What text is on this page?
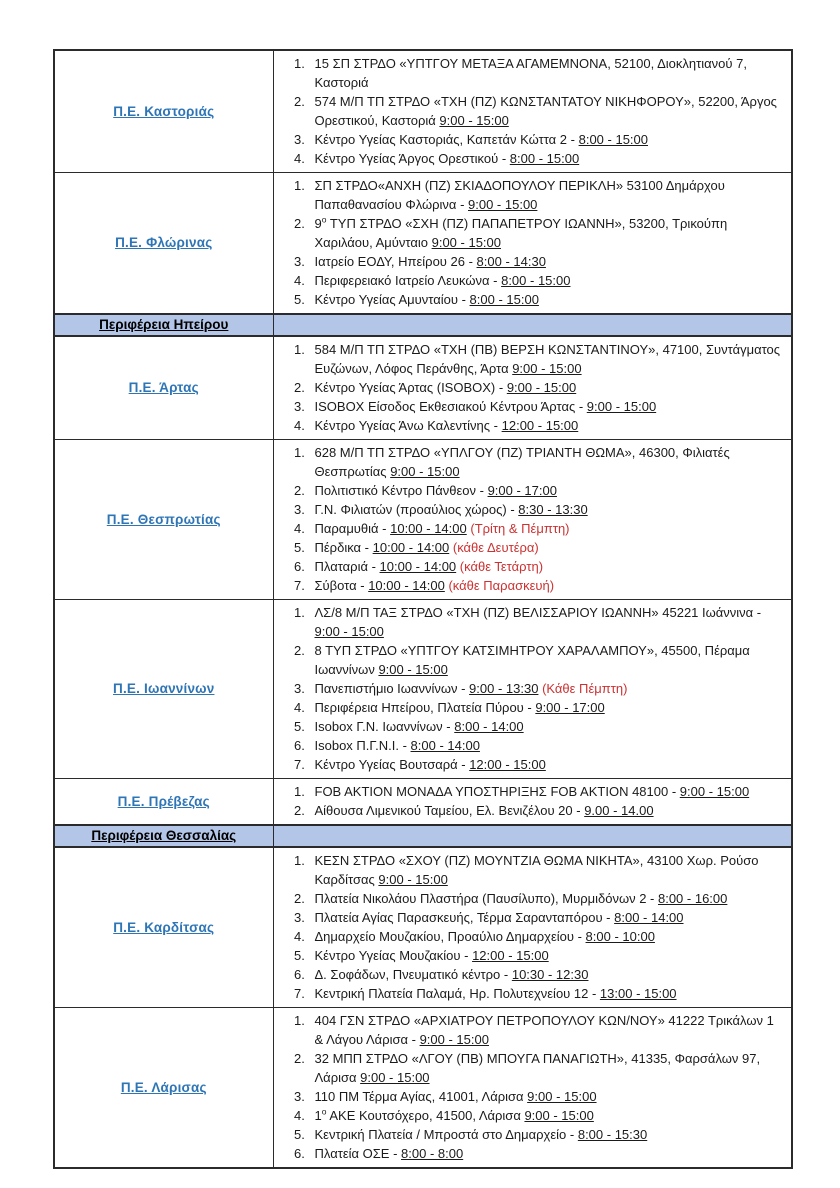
Π.Ε. Καστοριάς	
1. 15 ΣΠ ΣΤΡΔΟ «ΥΠΤΓΟΥ ΜΕΤΑΞΑ ΑΓΑΜΕΜΝΟΝΑ, 52100, Διοκλητιανού 7, Καστοριά
2. 574 Μ/Π ΤΠ ΣΤΡΔΟ «ΤΧΗ (ΠΖ) ΚΩΝΣΤΑΝΤΑΤΟΥ ΝΙΚΗΦΟΡΟΥ», 52200, Άργος Ορεστικού, Καστοριά 9:00 - 15:00
3. Κέντρο Υγείας Καστοριάς, Καπετάν Κώττα 2 - 8:00 - 15:00
4. Κέντρο Υγείας Άργος Ορεστικού - 8:00 - 15:00

Π.Ε. Φλώρινας	
1. ΣΠ ΣΤΡΔΟ«ΑΝΧΗ (ΠΖ) ΣΚΙΑΔΟΠΟΥΛΟΥ ΠΕΡΙΚΛΗ» 53100 Δημάρχου Παπαθανασίου Φλώρινα - 9:00 - 15:00
2. $9^o$ ΤΥΠ ΣΤΡΔΟ «ΣΧΗ (ΠΖ) ΠΑΠΑΠΕΤΡΟΥ ΙΩΑΝΝΗ», 53200, Τρικούπη Χαριλάου, Αμύνταιο 9:00 - 15:00
3. Ιατρείο ΕΟΔΥ, Ηπείρου 26 - 8:00 - 14:30
4. Περιφερειακό Ιατρείο Λευκώνα - 8:00 - 15:00
5. Κέντρο Υγείας Αμυνταίου - 8:00 - 15:00

Περιφέρεια Ηπείρου	
Π.Ε. Άρτας	
1. 584 Μ/Π ΤΠ ΣΤΡΔΟ «ΤΧΗ (ΠΒ) ΒΕΡΣΗ ΚΩΝΣΤΑΝΤΙΝΟΥ», 47100, Συντάγματος Ευζώνων, Λόφος Περάνθης, Άρτα 9:00 - 15:00
2. Κέντρο Υγείας Άρτας (ISOBOX) - 9:00 - 15:00
3. ISOBOX Είσοδος Εκθεσιακού Κέντρου Άρτας - 9:00 - 15:00
4. Κέντρο Υγείας Άνω Καλεντίνης - 12:00 - 15:00

Π.Ε. Θεσπρωτίας	
1. 628 Μ/Π ΤΠ ΣΤΡΔΟ «ΥΠΛΓΟΥ (ΠΖ) ΤΡΙΑΝΤΗ ΘΩΜΑ», 46300, Φιλιατές Θεσπρωτίας 9:00 - 15:00
2. Πολιτιστικό Κέντρο Πάνθεον - 9:00 - 17:00
3. Γ.Ν. Φιλιατών (προαύλιος χώρος) - 8:30 - 13:30
4. Παραμυθιά - 10:00 - 14:00 (Τρίτη & Πέμπτη)
5. Πέρδικα - 10:00 - 14:00 (κάθε Δευτέρα)
6. Πλαταριά - 10:00 - 14:00 (κάθε Τετάρτη)
7. Σύβοτα - 10:00 - 14:00 (κάθε Παρασκευή)

Π.Ε. Ιωαννίνων	
1. ΛΣ/8 Μ/Π ΤΑΞ ΣΤΡΔΟ «ΤΧΗ (ΠΖ) ΒΕΛΙΣΣΑΡΙΟΥ ΙΩΑΝΝΗ» 45221 Ιωάννινα - 9:00 - 15:00
2. 8 ΤΥΠ ΣΤΡΔΟ «ΥΠΤΓΟΥ ΚΑΤΣΙΜΗΤΡΟΥ ΧΑΡΑΛΑΜΠΟΥ», 45500, Πέραμα Ιωαννίνων 9:00 - 15:00
3. Πανεπιστήμιο Ιωαννίνων - 9:00 - 13:30 (Κάθε Πέμπτη)
4. Περιφέρεια Ηπείρου, Πλατεία Πύρου - 9:00 - 17:00
5. Isobox Γ.Ν. Ιωαννίνων - 8:00 - 14:00
6. Isobox Π.Γ.Ν.Ι. - 8:00 - 14:00
7. Κέντρο Υγείας Βουτσαρά - 12:00 - 15:00

Π.Ε. Πρέβεζας	
1. FOB AKTION ΜΟΝΑΔΑ ΥΠΟΣΤΗΡΙΞΗΣ FOB AKTION 48100 - 9:00 - 15:00
2. Αίθουσα Λιμενικού Ταμείου, Ελ. Βενιζέλου 20 - 9.00 - 14.00

Περιφέρεια Θεσσαλίας	
Π.Ε. Καρδίτσας	
1. ΚΕΣΝ ΣΤΡΔΟ «ΣΧΟΥ (ΠΖ) ΜΟΥΝΤΖΙΑ ΘΩΜΑ ΝΙΚΗΤΑ», 43100 Χωρ. Ρούσο Καρδίτσας 9:00 - 15:00
2. Πλατεία Νικολάου Πλαστήρα (Παυσίλυπο), Μυρμιδόνων 2 - 8:00 - 16:00
3. Πλατεία Αγίας Παρασκευής, Τέρμα Σαρανταπόρου - 8:00 - 14:00
4. Δημαρχείο Μουζακίου, Προαύλιο Δημαρχείου - 8:00 - 10:00
5. Κέντρο Υγείας Μουζακίου - 12:00 - 15:00
6. Δ. Σοφάδων, Πνευματικό κέντρο - 10:30 - 12:30
7. Κεντρική Πλατεία Παλαμά, Ηρ. Πολυτεχνείου 12 - 13:00 - 15:00

Π.Ε. Λάρισας	
1. 404 ΓΣΝ ΣΤΡΔΟ «ΑΡΧΙΑΤΡΟΥ ΠΕΤΡΟΠΟΥΛΟΥ ΚΩΝ/ΝΟΥ» 41222 Τρικάλων 1 & Λάγου Λάρισα - 9:00 - 15:00
2. 32 ΜΠΠ ΣΤΡΔΟ «ΛΓΟΥ (ΠΒ) ΜΠΟΥΓΑ ΠΑΝΑΓΙΩΤΗ», 41335, Φαρσάλων 97, Λάρισα 9:00 - 15:00
3. 110 ΠΜ Τέρμα Αγίας, 41001, Λάρισα 9:00 - 15:00
4. $1^o$ ΑΚΕ Κουτσόχερο, 41500, Λάρισα 9:00 - 15:00
5. Κεντρική Πλατεία / Μπροστά στο Δημαρχείο - 8:00 - 15:30
6. Πλατεία ΟΣΕ - 8:00 - 8:00
